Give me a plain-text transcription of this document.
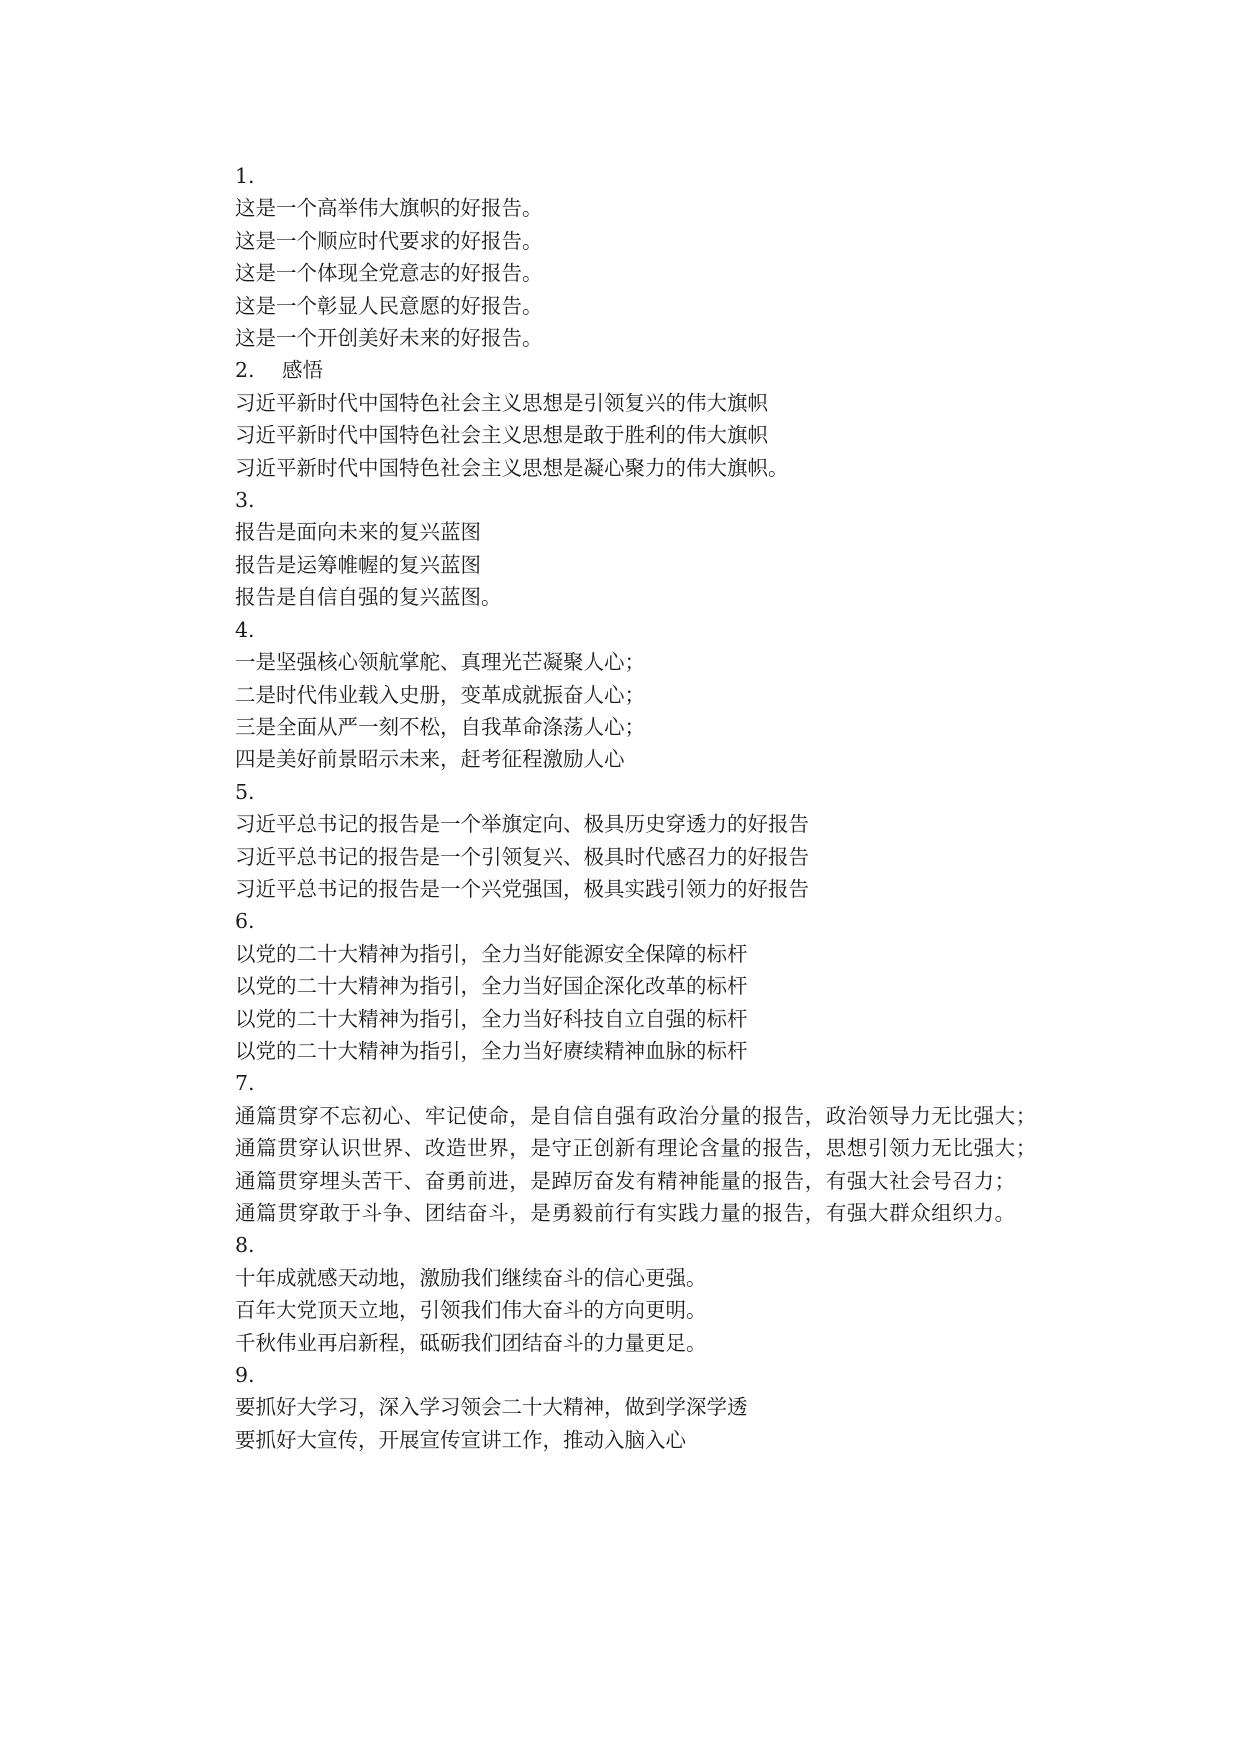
1.
这是一个高举伟大旗帜的好报告。
这是一个顺应时代要求的好报告。
这是一个体现全党意志的好报告。
这是一个彰显人民意愿的好报告。
这是一个开创美好未来的好报告。
2. 感悟
习近平新时代中国特色社会主义思想是引领复兴的伟大旗帜
习近平新时代中国特色社会主义思想是敢于胜利的伟大旗帜
习近平新时代中国特色社会主义思想是凝心聚力的伟大旗帜。
3.
报告是面向未来的复兴蓝图
报告是运筹帷幄的复兴蓝图
报告是自信自强的复兴蓝图。
4.
一是坚强核心领航掌舵、真理光芒凝聚人心；
二是时代伟业载入史册，变革成就振奋人心；
三是全面从严一刻不松，自我革命涤荡人心；
四是美好前景昭示未来，赶考征程激励人心
5.
习近平总书记的报告是一个举旗定向、极具历史穿透力的好报告
习近平总书记的报告是一个引领复兴、极具时代感召力的好报告
习近平总书记的报告是一个兴党强国，极具实践引领力的好报告
6.
以党的二十大精神为指引，全力当好能源安全保障的标杆
以党的二十大精神为指引，全力当好国企深化改革的标杆
以党的二十大精神为指引，全力当好科技自立自强的标杆
以党的二十大精神为指引，全力当好赓续精神血脉的标杆
7.
通篇贯穿不忘初心、牢记使命，是自信自强有政治分量的报告，政治领导力无比强大；
通篇贯穿认识世界、改造世界，是守正创新有理论含量的报告，思想引领力无比强大；
通篇贯穿埋头苦干、奋勇前进，是踔厉奋发有精神能量的报告，有强大社会号召力；
通篇贯穿敢于斗争、团结奋斗，是勇毅前行有实践力量的报告，有强大群众组织力。
8.
十年成就感天动地，激励我们继续奋斗的信心更强。
百年大党顶天立地，引领我们伟大奋斗的方向更明。
千秋伟业再启新程，砥砺我们团结奋斗的力量更足。
9.
要抓好大学习，深入学习领会二十大精神，做到学深学透
要抓好大宣传，开展宣传宣讲工作，推动入脑入心
